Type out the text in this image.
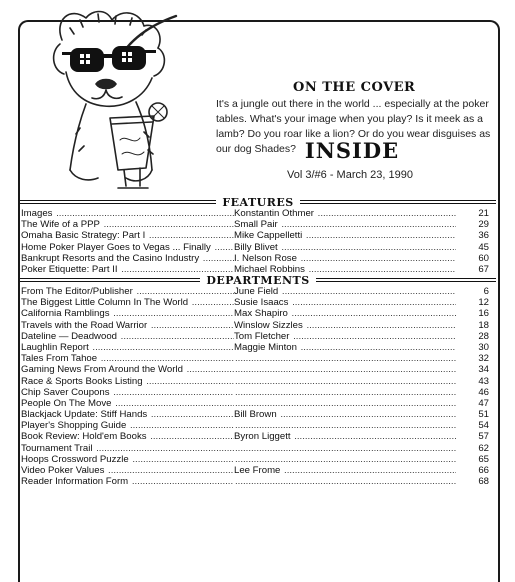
ON THE COVER

It's a jungle out there in the world ... especially at the poker tables. What's your image when you play? Is it meek as a lamb? Do you roar like a lion? Or do you wear disguises as our dog Shades? INSIDE

Vol 3/#6 - March 23, 1990

FEATURES
Images .....	Konstantin Othmer .....	21
The Wife of a PPP .....	Small Pair .....	29
Omaha Basic Strategy: Part I .....	Mike Cappelletti .....	36
Home Poker Player Goes to Vegas ... Finally .....	Billy Blivet .....	45
Bankrupt Resorts and the Casino Industry .....	I. Nelson Rose .....	60
Poker Etiquette: Part II .....	Michael Robbins .....	67
DEPARTMENTS
From The Editor/Publisher .....	June Field .....	6
The Biggest Little Column In The World .....	Susie Isaacs .....	12
California Ramblings .....	Max Shapiro .....	16
Travels with the Road Warrior .....	Winslow Sizzles .....	18
Dateline — Deadwood .....	Tom Fletcher .....	28
Laughlin Report .....	Maggie Minton .....	30
Tales From Tahoe ..... .....	32
Gaming News From Around the World ..... .....	34
Race & Sports Books Listing ..... .....	43
Chip Saver Coupons ..... .....	46
People On The Move ..... .....	47
Blackjack Update: Stiff Hands .....	Bill Brown .....	51
Player's Shopping Guide ..... .....	54
Book Review: Hold'em Books .....	Byron Liggett .....	57
Tournament Trail ..... .....	62
Hoops Crossword Puzzle ..... .....	65
Video Poker Values .....	Lee Frome .....	66
Reader Information Form ..... .....	68
